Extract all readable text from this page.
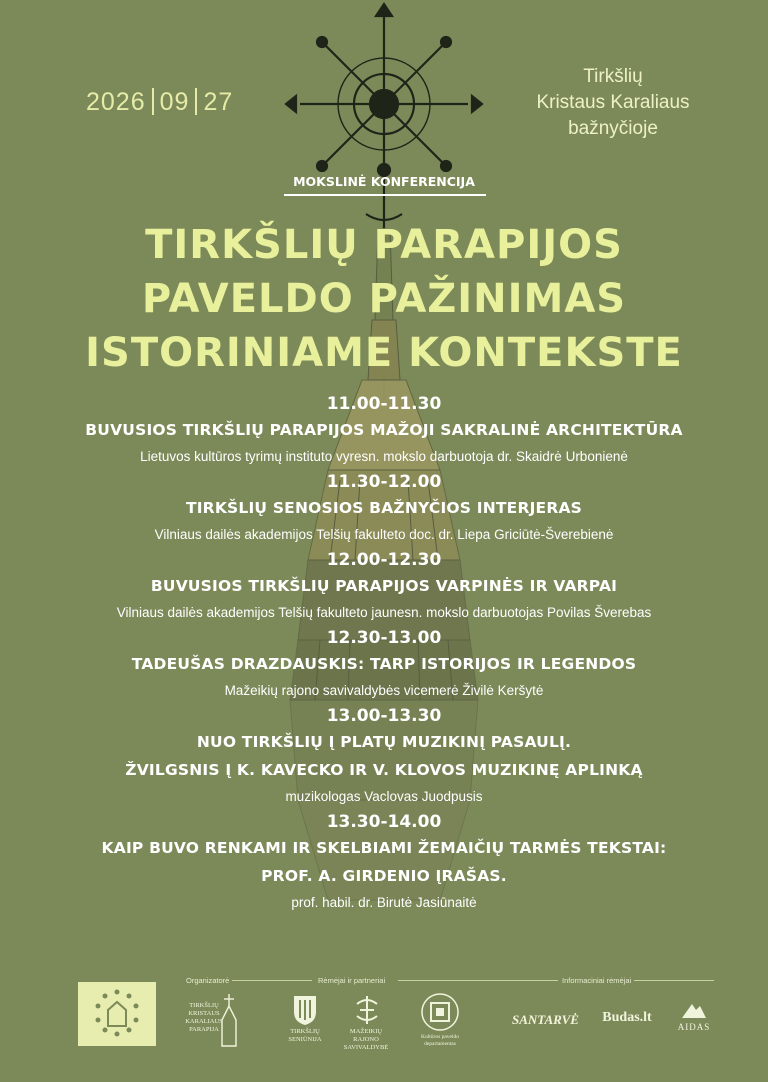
2026 09 27
Tirkšlių
Kristaus Karaliaus
bažnyčioje
MOKSLINĖ KONFERENCIJA
TIRKŠLIŲ PARAPIJOS
PAVELDO PAŽINIMAS
ISTORINIAME KONTEKSTE
11.00-11.30
BUVUSIOS TIRKŠLIŲ PARAPIJOS MAŽOJI SAKRALINĖ ARCHITEKTŪRA
Lietuvos kultūros tyrimų instituto vyresn. mokslo darbuotoja dr. Skaidrė Urbonienė
11.30-12.00
TIRKŠLIŲ SENOSIOS BAŽNYČIOS INTERJERAS
Vilniaus dailės akademijos Telšių fakulteto doc. dr. Liepa Griciūtė-Šverebienė
12.00-12.30
BUVUSIOS TIRKŠLIŲ PARAPIJOS VARPINĖS IR VARPAI
Vilniaus dailės akademijos Telšių fakulteto jaunesn. mokslo darbuotojas Povilas Šverebas
12.30-13.00
TADEUŠAS DRAZDAUSKIS: TARP ISTORIJOS IR LEGENDOS
Mažeikių rajono savivaldybės vicemerė Živilė Keršytė
13.00-13.30
NUO TIRKŠLIŲ Į PLATŲ MUZIKINĮ PASAULĮ.
ŽVILGSNIS Į K. KAVECKO IR V. KLOVOS MUZIKINĘ APLINKĄ
muzikologas Vaclovas Juodpusis
13.30-14.00
KAIP BUVO RENKAMI IR SKELBIAMI ŽEMAIČIŲ TARMĖS TEKSTAI:
PROF. A. GIRDENIO ĮRAŠAS.
prof. habil. dr. Birutė Jasiūnaitė
Organizatorė	Rėmėjai ir partneriai	Informaciniai rėmėjai
TIRKŠLIŲ
KRISTAUS
KARALIAUS
PARAPIJA	TIRKŠLIŲ
SENIŪNIJA
MAŽEIKIŲ
RAJONO
SAVIVALDYBĖ
Kultūros paveldo
departamentas
SANTARVĖ	Budas.lt
AIDAS
